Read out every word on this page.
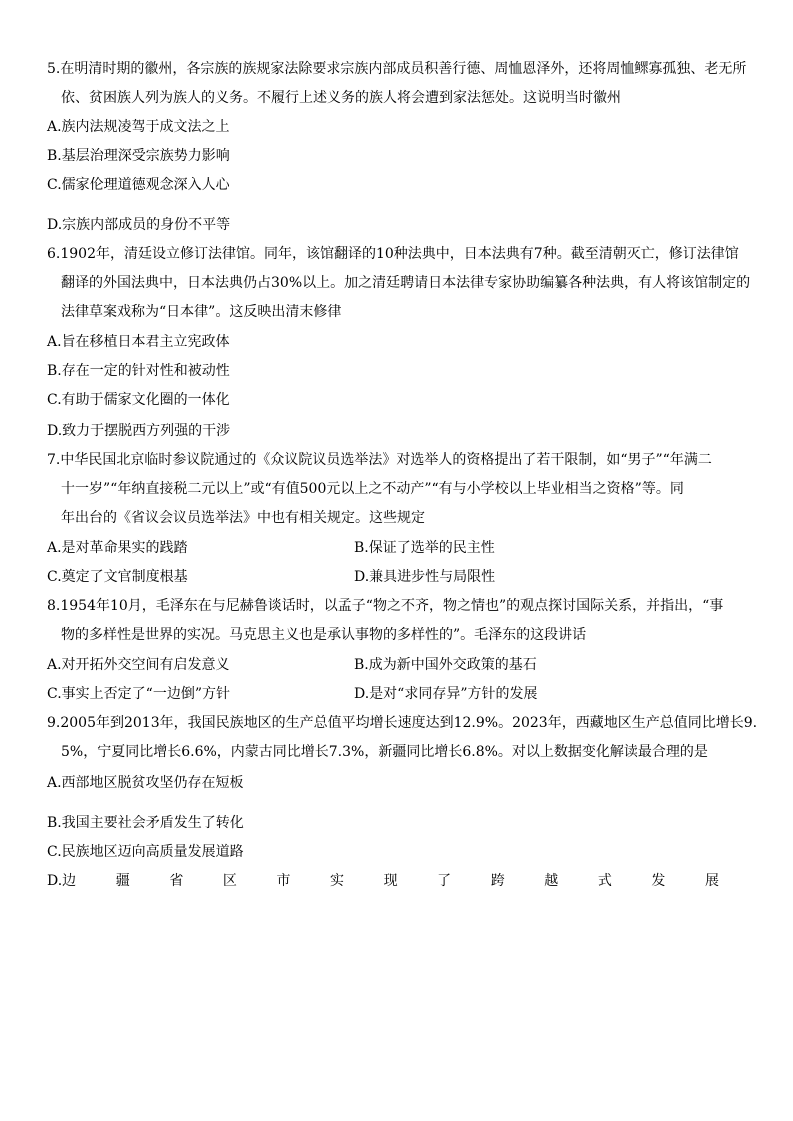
5.在明清时期的徽州，各宗族的族规家法除要求宗族内部成员积善行德、周恤恩泽外，还将周恤鳏寡孤独、老无所
依、贫困族人列为族人的义务。不履行上述义务的族人将会遭到家法惩处。这说明当时徽州
A.族内法规凌驾于成文法之上
B.基层治理深受宗族势力影响
C.儒家伦理道德观念深入人心
D.宗族内部成员的身份不平等
6.1902年，清廷设立修订法律馆。同年，该馆翻译的10种法典中，日本法典有7种。截至清朝灭亡，修订法律馆
翻译的外国法典中，日本法典仍占30%以上。加之清廷聘请日本法律专家协助编纂各种法典，有人将该馆制定的
法律草案戏称为“日本律”。这反映出清末修律
A.旨在移植日本君主立宪政体
B.存在一定的针对性和被动性
C.有助于儒家文化圈的一体化
D.致力于摆脱西方列强的干涉
7.中华民国北京临时参议院通过的《众议院议员选举法》对选举人的资格提出了若干限制，如“男子”“年满二
十一岁”“年纳直接税二元以上”或“有值500元以上之不动产”“有与小学校以上毕业相当之资格”等。同
年出台的《省议会议员选举法》中也有相关规定。这些规定
A.是对革命果实的践踏	B.保证了选举的民主性
C.奠定了文官制度根基	D.兼具进步性与局限性
8.1954年10月，毛泽东在与尼赫鲁谈话时，以孟子“物之不齐，物之情也”的观点探讨国际关系，并指出，“事
物的多样性是世界的实况。马克思主义也是承认事物的多样性的”。毛泽东的这段讲话
A.对开拓外交空间有启发意义	B.成为新中国外交政策的基石
C.事实上否定了“一边倒”方针	D.是对“求同存异”方针的发展
9.2005年到2013年，我国民族地区的生产总值平均增长速度达到12.9%。2023年，西藏地区生产总值同比增长9.
5%，宁夏同比增长6.6%，内蒙古同比增长7.3%，新疆同比增长6.8%。对以上数据变化解读最合理的是
A.西部地区脱贫攻坚仍存在短板
B.我国主要社会矛盾发生了转化
C.民族地区迈向高质量发展道路
D.边	疆	省	区	市	实	现	了	跨	越	式	发	展
